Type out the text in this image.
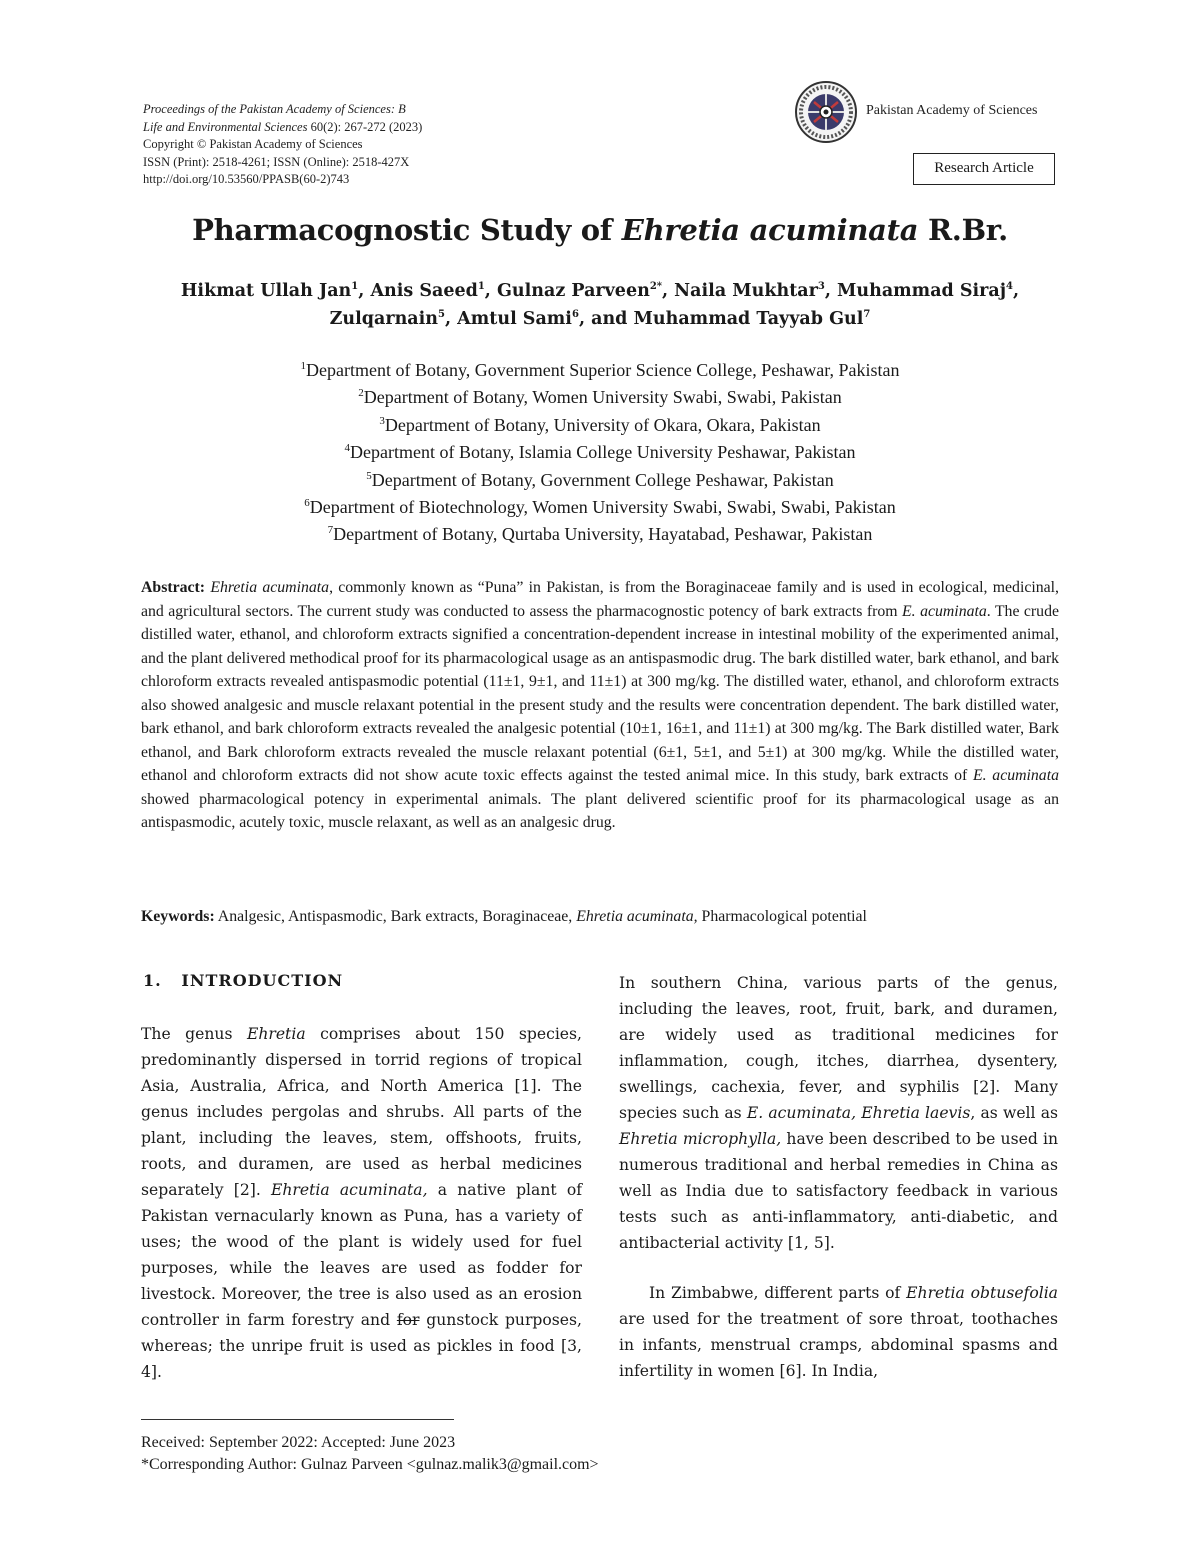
Proceedings of the Pakistan Academy of Sciences: B
Life and Environmental Sciences 60(2): 267-272 (2023)
Copyright © Pakistan Academy of Sciences
ISSN (Print): 2518-4261; ISSN (Online): 2518-427X
http://doi.org/10.53560/PPASB(60-2)743
Pakistan Academy of Sciences
Research Article
Pharmacognostic Study of Ehretia acuminata R.Br.
Hikmat Ullah Jan$^1$, Anis Saeed$^1$, Gulnaz Parveen$^{2*}$, Naila Mukhtar$^3$, Muhammad Siraj$^4$,
Zulqarnain$^5$, Amtul Sami$^6$, and Muhammad Tayyab Gul$^7$
$^1$Department of Botany, Government Superior Science College, Peshawar, Pakistan
$^2$Department of Botany, Women University Swabi, Swabi, Pakistan
$^3$Department of Botany, University of Okara, Okara, Pakistan
$^4$Department of Botany, Islamia College University Peshawar, Pakistan
$^5$Department of Botany, Government College Peshawar, Pakistan
$^6$Department of Biotechnology, Women University Swabi, Swabi, Swabi, Pakistan
$^7$Department of Botany, Qurtaba University, Hayatabad, Peshawar, Pakistan
Abstract: Ehretia acuminata, commonly known as “Puna” in Pakistan, is from the Boraginaceae family and is used in ecological, medicinal, and agricultural sectors. The current study was conducted to assess the pharmacognostic potency of bark extracts from E. acuminata. The crude distilled water, ethanol, and chloroform extracts signified a concentration-dependent increase in intestinal mobility of the experimented animal, and the plant delivered methodical proof for its pharmacological usage as an antispasmodic drug. The bark distilled water, bark ethanol, and bark chloroform extracts revealed antispasmodic potential (11±1, 9±1, and 11±1) at 300 mg/kg. The distilled water, ethanol, and chloroform extracts also showed analgesic and muscle relaxant potential in the present study and the results were concentration dependent. The bark distilled water, bark ethanol, and bark chloroform extracts revealed the analgesic potential (10±1, 16±1, and 11±1) at 300 mg/kg. The Bark distilled water, Bark ethanol, and Bark chloroform extracts revealed the muscle relaxant potential (6±1, 5±1, and 5±1) at 300 mg/kg. While the distilled water, ethanol and chloroform extracts did not show acute toxic effects against the tested animal mice. In this study, bark extracts of E. acuminata showed pharmacological potency in experimental animals. The plant delivered scientific proof for its pharmacological usage as an antispasmodic, acutely toxic, muscle relaxant, as well as an analgesic drug.
Keywords: Analgesic, Antispasmodic, Bark extracts, Boraginaceae, Ehretia acuminata, Pharmacological potential
1.   INTRODUCTION
The genus Ehretia comprises about 150 species, predominantly dispersed in torrid regions of tropical Asia, Australia, Africa, and North America [1]. The genus includes pergolas and shrubs. All parts of the plant, including the leaves, stem, offshoots, fruits, roots, and duramen, are used as herbal medicines separately [2]. Ehretia acuminata, a native plant of Pakistan vernacularly known as Puna, has a variety of uses; the wood of the plant is widely used for fuel purposes, while the leaves are used as fodder for livestock. Moreover, the tree is also used as an erosion controller in farm forestry and for gunstock purposes, whereas; the unripe fruit is used as pickles in food [3, 4].
In southern China, various parts of the genus, including the leaves, root, fruit, bark, and duramen, are widely used as traditional medicines for inflammation, cough, itches, diarrhea, dysentery, swellings, cachexia, fever, and syphilis [2]. Many species such as E. acuminata, Ehretia laevis, as well as Ehretia microphylla, have been described to be used in numerous traditional and herbal remedies in China as well as India due to satisfactory feedback in various tests such as anti-inflammatory, anti-diabetic, and antibacterial activity [1, 5].
In Zimbabwe, different parts of Ehretia obtusefolia are used for the treatment of sore throat, toothaches in infants, menstrual cramps, abdominal spasms and infertility in women [6]. In India,
Received: September 2022: Accepted: June 2023
*Corresponding Author: Gulnaz Parveen <gulnaz.malik3@gmail.com>
